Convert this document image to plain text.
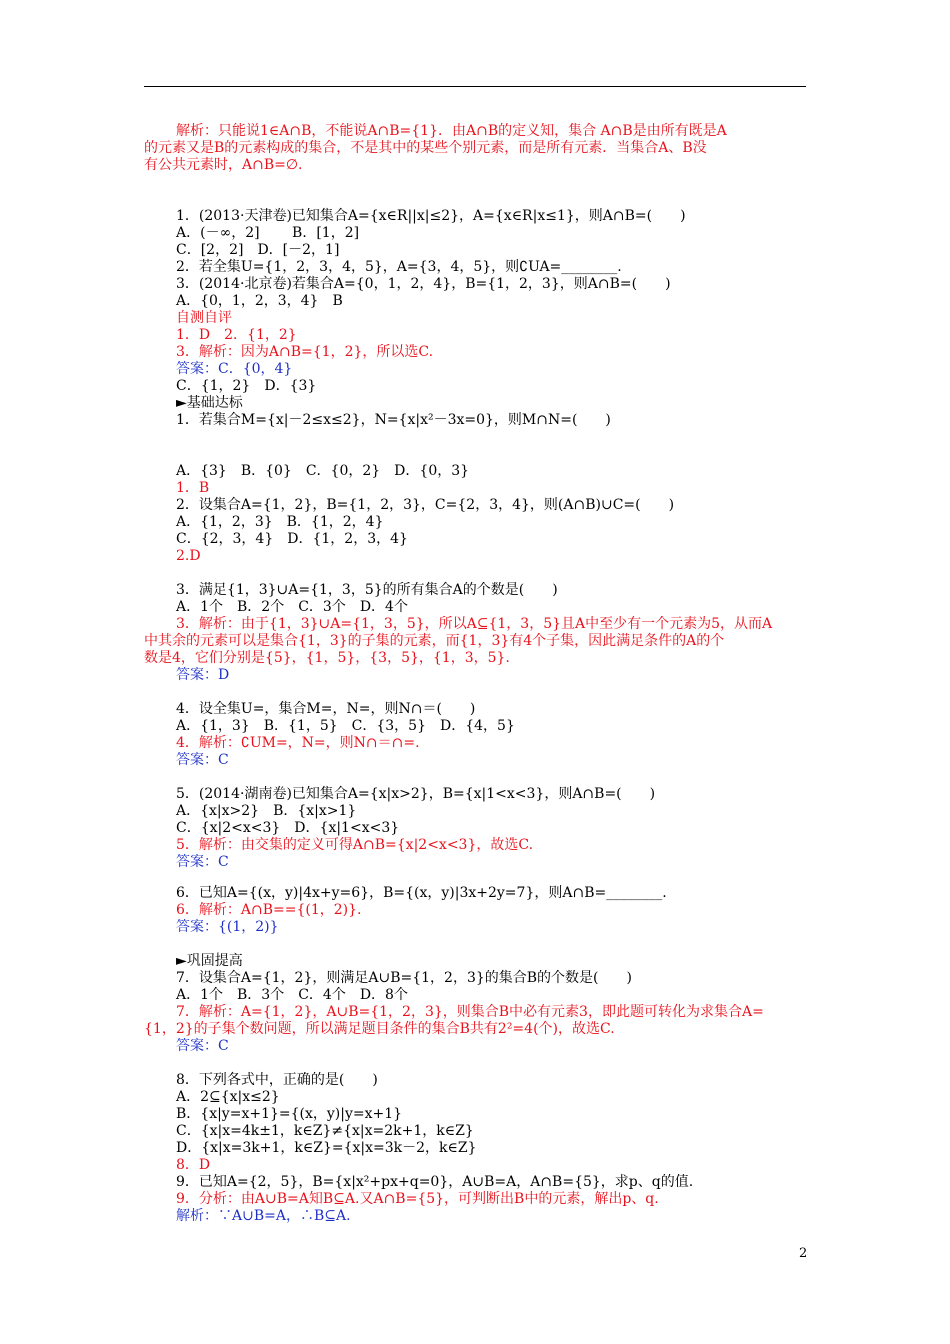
解析：只能说1∈A∩B，不能说A∩B={1}．由A∩B的定义知，集合 A∩B是由所有既是A
的元素又是B的元素构成的集合，不是其中的某些个别元素，而是所有元素．当集合A、B没
有公共元素时，A∩B=∅.
1．(2013·天津卷)已知集合A={x∈R||x|≤2}，A={x∈R|x≤1}，则A∩B=(　　)
A．(－∞，2]　　 B．[1，2]
C．[2，2]　D．[－2，1]
2．若全集U={1，2，3，4，5}，A={3，4，5}，则∁UA=________.
3．(2014·北京卷)若集合A={0，1，2，4}，B={1，2，3}，则A∩B=(　　)
A．{0，1，2，3，4}　B
自测自评
1．D　2．{1，2}
3．解析：因为A∩B={1，2}，所以选C.
答案：C．{0，4}
C．{1，2}　D．{3}
►基础达标
1．若集合M={x|－2≤x≤2}，N={x|x²－3x=0}，则M∩N=(　　)
A．{3}　B．{0}　C．{0，2}　D．{0，3}
1．B
2．设集合A={1，2}，B={1，2，3}，C={2，3，4}，则(A∩B)∪C=(　　)
A．{1，2，3}　B．{1，2，4}
C．{2，3，4}　D．{1，2，3，4}
2.D
3．满足{1，3}∪A={1，3，5}的所有集合A的个数是(　　)
A．1个　B．2个　C．3个　D．4个
3．解析：由于{1，3}∪A={1，3，5}，所以A⊆{1，3，5}且A中至少有一个元素为5，从而A
中其余的元素可以是集合{1，3}的子集的元素，而{1，3}有4个子集，因此满足条件的A的个
数是4，它们分别是{5}，{1，5}，{3，5}，{1，3，5}.
答案：D
4．设全集U=，集合M=，N=，则N∩＝(　　)
A．{1，3}　B．{1，5}　C．{3，5}　D．{4，5}
4．解析：∁UM=，N=，则N∩＝∩=.
答案：C
5．(2014·湖南卷)已知集合A={x|x>2}，B={x|1<x<3}，则A∩B=(　　)
A．{x|x>2}　B．{x|x>1}
C．{x|2<x<3}　D．{x|1<x<3}
5．解析：由交集的定义可得A∩B={x|2<x<3}，故选C.
答案：C
6．已知A={(x，y)|4x+y=6}，B={(x，y)|3x+2y=7}，则A∩B=________.
6．解析：A∩B=={(1，2)}.
答案：{(1，2)}
►巩固提高
7．设集合A={1，2}，则满足A∪B={1，2，3}的集合B的个数是(　　)
A．1个　B．3个　C．4个　D．8个
7．解析：A={1，2}，A∪B={1，2，3}，则集合B中必有元素3，即此题可转化为求集合A=
{1，2}的子集个数问题，所以满足题目条件的集合B共有2²=4(个)，故选C.
答案：C
8．下列各式中，正确的是(　　)
A．2⊆{x|x≤2}
B．{x|y=x+1}={(x，y)|y=x+1}
C．{x|x=4k±1，k∈Z}≠{x|x=2k+1，k∈Z}
D．{x|x=3k+1，k∈Z}={x|x=3k－2，k∈Z}
8．D
9．已知A={2，5}，B={x|x²+px+q=0}，A∪B=A，A∩B={5}，求p、q的值.
9．分析：由A∪B=A知B⊆A.又A∩B={5}，可判断出B中的元素，解出p、q.
解析：∵A∪B=A，∴B⊆A.
2
